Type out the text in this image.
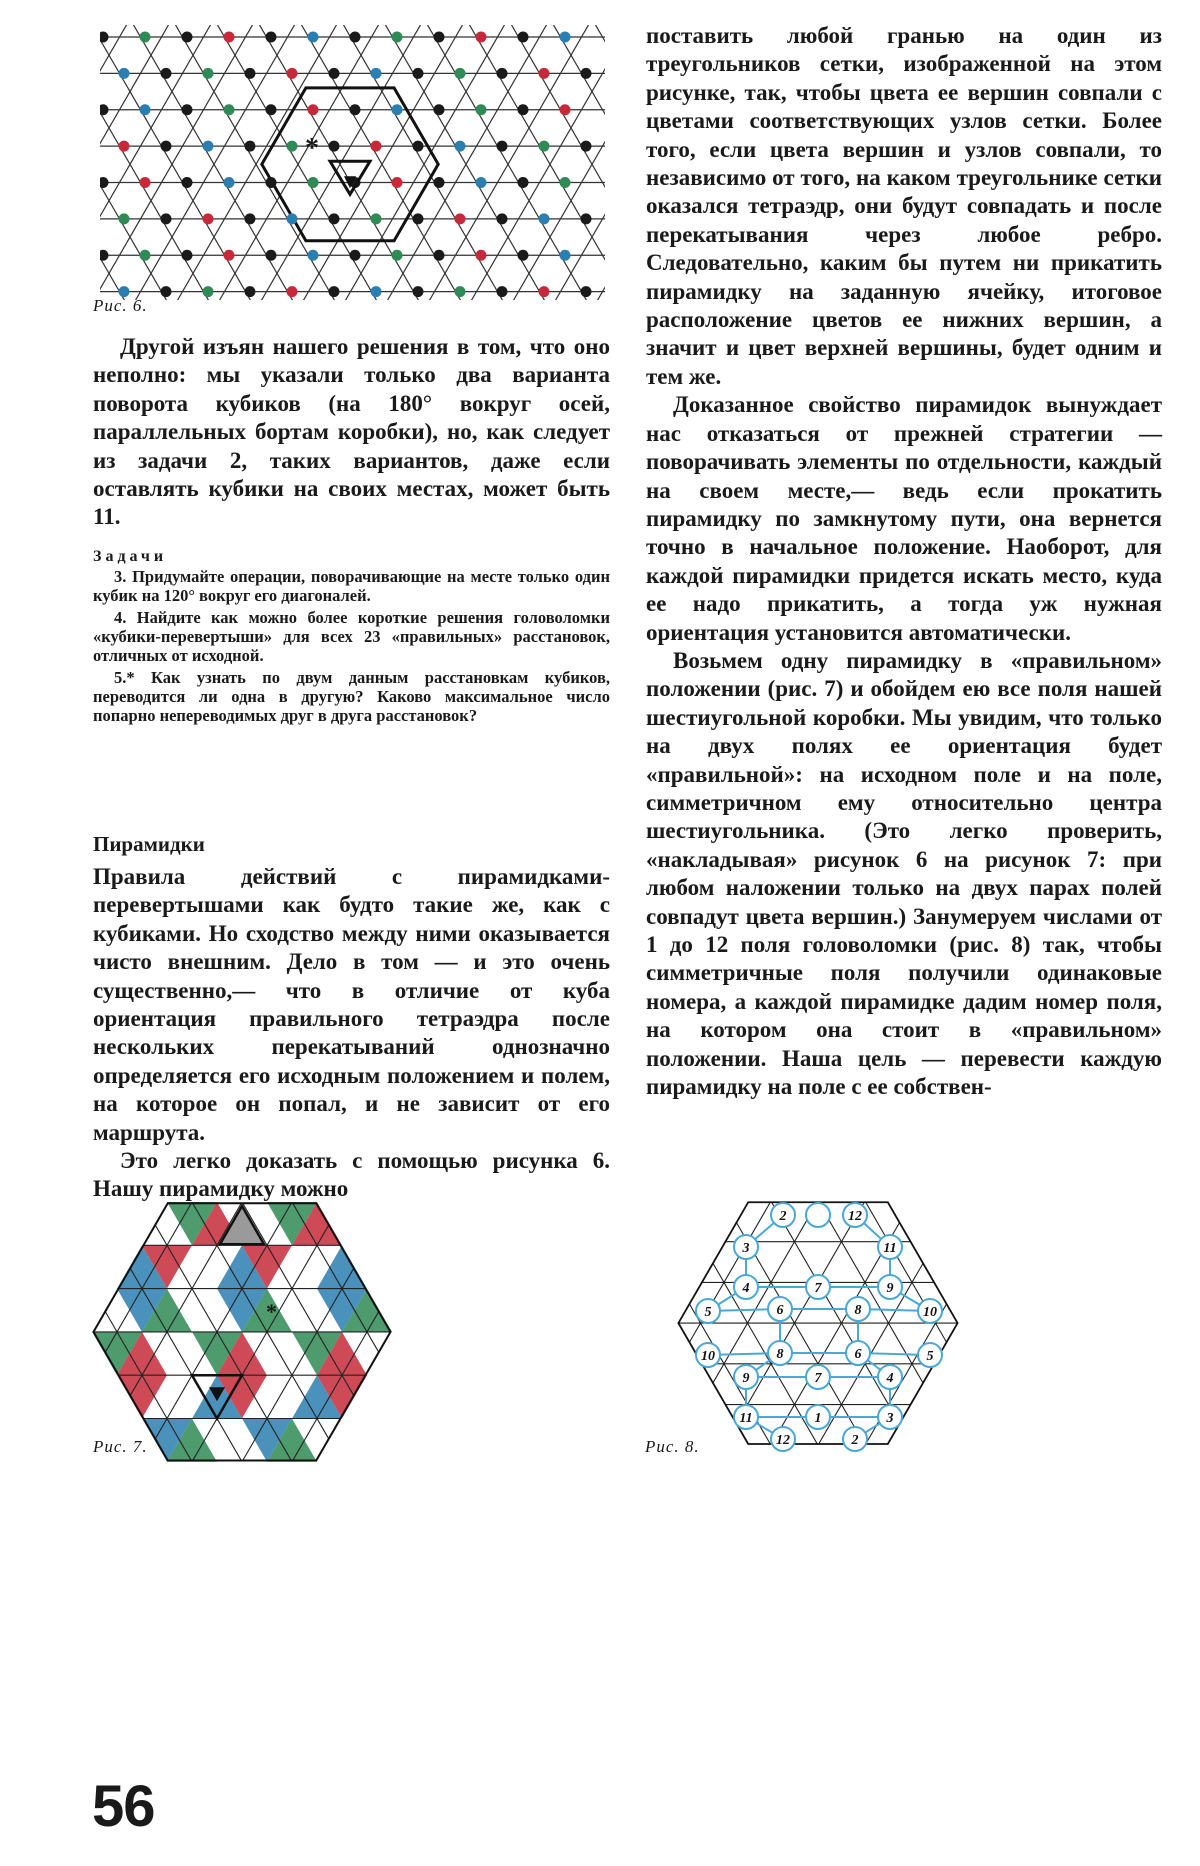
Рис. 6.
*

Другой изъян нашего решения в том, что оно неполно: мы указали только два варианта поворота кубиков (на 180° вокруг осей, параллельных бортам коробки), но, как следует из задачи 2, таких вариантов, даже если оставлять кубики на своих местах, может быть 11.

Задачи

3. Придумайте операции, поворачивающие на месте только один кубик на 120° вокруг его диагоналей.

4. Найдите как можно более короткие решения головоломки «кубики-перевертыши» для всех 23 «правильных» расстановок, отличных от исходной.

5.* Как узнать по двум данным расстановкам кубиков, переводится ли одна в другую? Каково максимальное число попарно непереводимых друг в друга расстановок?

Пирамидки

Правила действий с пирамидками-перевертышами как будто такие же, как с кубиками. Но сходство между ними оказывается чисто внешним. Дело в том — и это очень существенно,— что в отличие от куба ориентация правильного тетраэдра после нескольких перекатываний однозначно определяется его исходным положением и полем, на которое он попал, и не зависит от его маршрута.

Это легко доказать с помощью рисунка 6. Нашу пирамидку можно

поставить любой гранью на один из треугольников сетки, изображенной на этом рисунке, так, чтобы цвета ее вершин совпали с цветами соответствующих узлов сетки. Более того, если цвета вершин и узлов совпали, то независимо от того, на каком треугольнике сетки оказался тетраэдр, они будут совпадать и после перекатывания через любое ребро. Следовательно, каким бы путем ни прикатить пирамидку на заданную ячейку, итоговое расположение цветов ее нижних вершин, а значит и цвет верхней вершины, будет одним и тем же.

Доказанное свойство пирамидок вынуждает нас отказаться от прежней стратегии — поворачивать элементы по отдельности, каждый на своем месте,— ведь если прокатить пирамидку по замкнутому пути, она вернется точно в начальное положение. Наоборот, для каждой пирамидки придется искать место, куда ее надо прикатить, а тогда уж нужная ориентация установится автоматически.

Возьмем одну пирамидку в «правильном» положении (рис. 7) и обойдем ею все поля нашей шестиугольной коробки. Мы увидим, что только на двух полях ее ориентация будет «правильной»: на исходном поле и на поле, симметричном ему относительно центра шестиугольника. (Это легко проверить, «накладывая» рисунок 6 на рисунок 7: при любом наложении только на двух парах полей совпадут цвета вершин.) Занумеруем числами от 1 до 12 поля головоломки (рис. 8) так, чтобы симметричные поля получили одинаковые номера, а каждой пирамидке дадим номер поля, на котором она стоит в «правильном» положении. Наша цель — перевести каждую пирамидку на поле с ее собствен-

Рис. 7.
*
2	12
3	11
4	7	9
5	6	8	10
10	8	6	5
9	7	4
11	1	3
12	2
Рис. 8.
56
